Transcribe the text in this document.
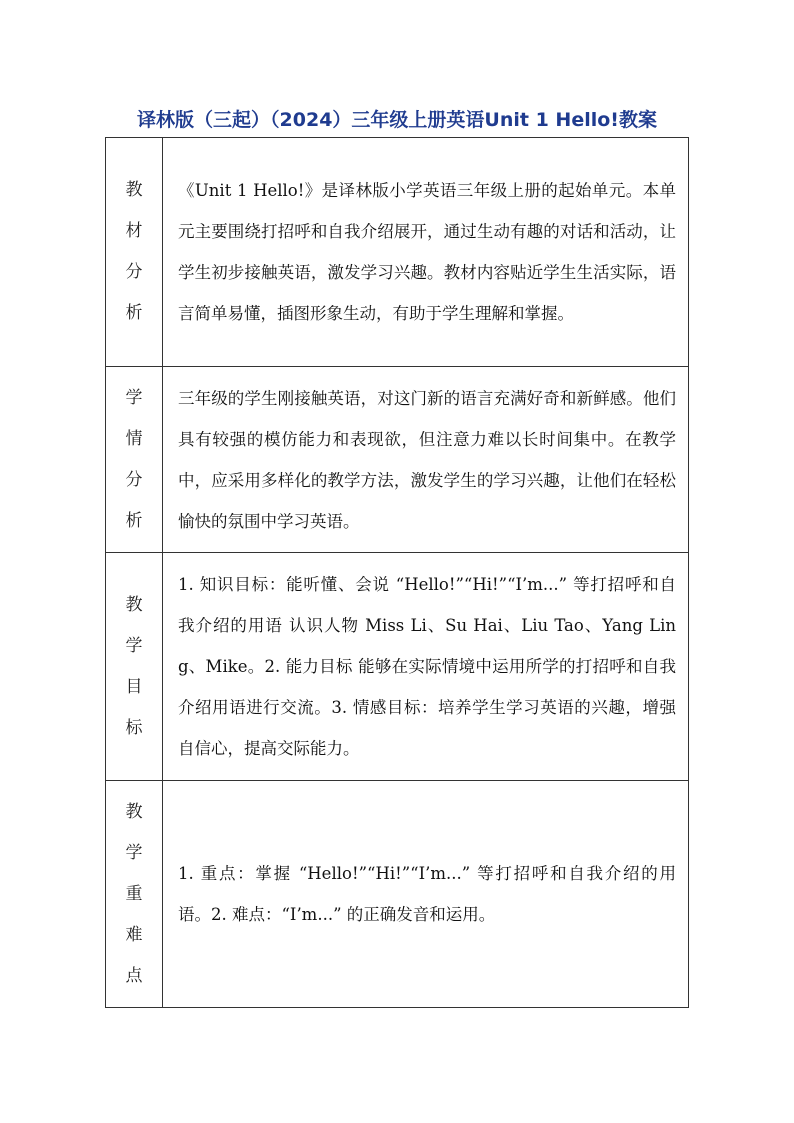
译林版（三起）（2024）三年级上册英语Unit 1 Hello!教案
教
材
分
析	《Unit 1 Hello!》是译林版小学英语三年级上册的起始单元。本单元主要围绕打招呼和自我介绍展开，通过生动有趣的对话和活动，让学生初步接触英语，激发学习兴趣。教材内容贴近学生生活实际，语言简单易懂，插图形象生动，有助于学生理解和掌握。

学
情
分
析	三年级的学生刚接触英语，对这门新的语言充满好奇和新鲜感。他们具有较强的模仿能力和表现欲，但注意力难以长时间集中。在教学中，应采用多样化的教学方法，激发学生的学习兴趣，让他们在轻松愉快的氛围中学习英语。

教
学
目
标	1. 知识目标：能听懂、会说 “Hello!”“Hi!”“I’m...” 等打招呼和自我介绍的用语 认识人物 Miss Li、Su Hai、Liu Tao、Yang Ling、Mike。2. 能力目标 能够在实际情境中运用所学的打招呼和自我介绍用语进行交流。3. 情感目标：培养学生学习英语的兴趣，增强自信心，提高交际能力。

教
学
重
难
点	1. 重点：掌握 “Hello!”“Hi!”“I’m...” 等打招呼和自我介绍的用语。2. 难点：“I’m...” 的正确发音和运用。
